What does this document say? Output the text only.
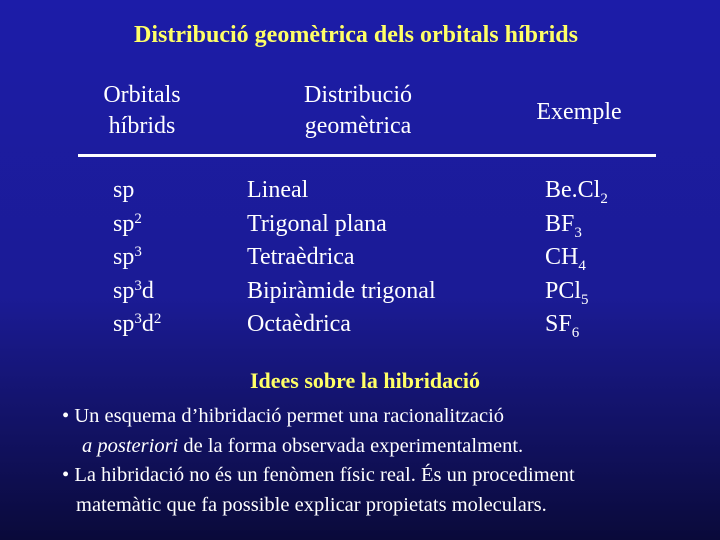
Distribució geomètrica dels orbitals híbrids
Orbitals
híbrids
Distribució
geomètrica
Exemple
sp
$sp^2$
$sp^3$
$sp^3d$
$sp^3d^2$
Lineal
Trigonal plana
Tetraèdrica
Bipiràmide trigonal
Octaèdrica
$Be.Cl_2$
$BF_3$
$CH_4$
PCl$_5$
$SF_6$
Idees sobre la hibridació
• Un esquema d’hibridació permet una racionalització
a posteriori de la forma observada experimentalment.
• La hibridació no és un fenòmen físic real. És un procediment
matemàtic que fa possible explicar propietats moleculars.
